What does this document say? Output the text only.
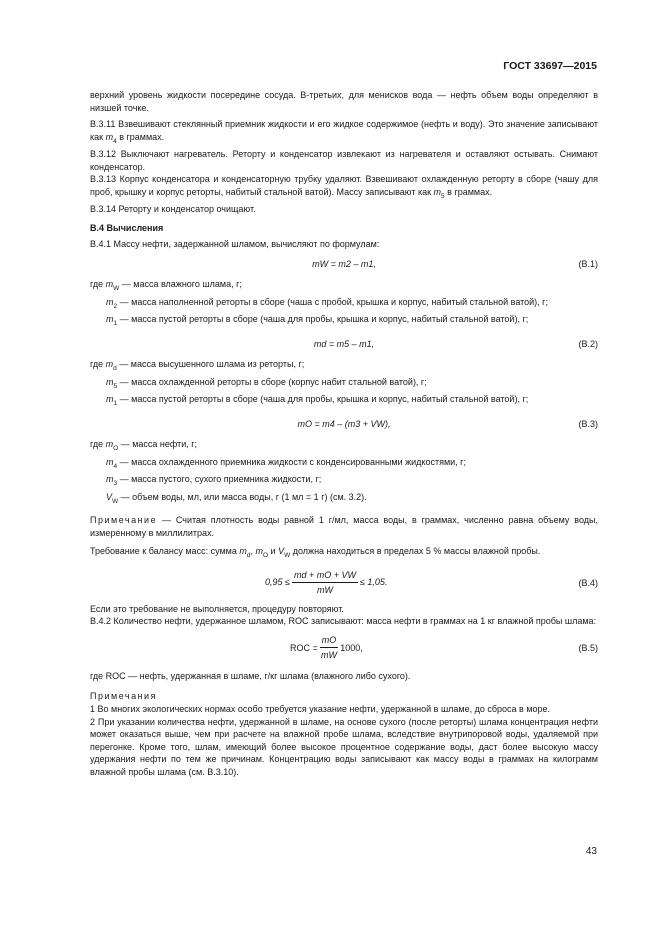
ГОСТ 33697—2015

верхний уровень жидкости посередине сосуда. В-третьих, для менисков вода — нефть объем воды определяют в низшей точке.

В.3.11 Взвешивают стеклянный приемник жидкости и его жидкое содержимое (нефть и воду). Это значение записывают как $m_4$ в граммах.

В.3.12 Выключают нагреватель. Реторту и конденсатор извлекают из нагревателя и оставляют остывать. Снимают конденсатор.

В.3.13 Корпус конденсатора и конденсаторную трубку удаляют. Взвешивают охлажденную реторту в сборе (чашу для проб, крышку и корпус реторты, набитый стальной ватой). Массу записывают как $m_5$ в граммах.

В.3.14 Реторту и конденсатор очищают.

В.4 Вычисления

В.4.1 Массу нефти, задержанной шламом, вычисляют по формулам:

mW = m2 – m1,	(В.1)

где $m_W$ — масса влажного шлама, г;

$m_2$ — масса наполненной реторты в сборе (чаша с пробой, крышка и корпус, набитый стальной ватой), г;

$m_1$ — масса пустой реторты в сборе (чаша для пробы, крышка и корпус, набитый стальной ватой), г;

md = m5 – m1,	(В.2)

где $m_d$ — масса высушенного шлама из реторты, г;

$m_5$ — масса охлажденной реторты в сборе (корпус набит стальной ватой), г;

$m_1$ — масса пустой реторты в сборе (чаша для пробы, крышка и корпус, набитый стальной ватой), г;

mO = m4 – (m3 + VW),	(В.3)

где $m_O$ — масса нефти, г;

$m_4$ — масса охлажденного приемника жидкости с конденсированными жидкостями, г;

$m_3$ — масса пустого, сухого приемника жидкости, г;

$V_W$ — объем воды, мл, или масса воды, г (1 мл = 1 г) (см. 3.2).

Примечание — Считая плотность воды равной 1 г/мл, масса воды, в граммах, численно равна объему воды, измеренному в миллилитрах.

Требование к балансу масс: сумма $m_d$, $m_O$ и $V_W$ должна находиться в пределах 5 % массы влажной пробы.

$0,95 \le \frac{md + mO + VW}{mW} \le 1,05$.	(В.4)

Если это требование не выполняется, процедуру повторяют.

В.4.2 Количество нефти, удержанное шламом, ROC записывают: масса нефти в граммах на 1 кг влажной пробы шлама:

ROC = $\frac{mO}{mW} 1000$,	(В.5)

где ROC — нефть, удержанная в шламе, г/кг шлама (влажного либо сухого).

Примечания

1 Во многих экологических нормах особо требуется указание нефти, удержанной в шламе, до сброса в море.

2 При указании количества нефти, удержанной в шламе, на основе сухого (после реторты) шлама концентрация нефти может оказаться выше, чем при расчете на влажной пробе шлама, вследствие внутрипоровой воды, удаляемой при перегонке. Кроме того, шлам, имеющий более высокое процентное содержание воды, даст более высокую массу удержания нефти по тем же причинам. Концентрацию воды записывают как массу воды в граммах на килограмм влажной пробы шлама (см. В.3.10).

43
